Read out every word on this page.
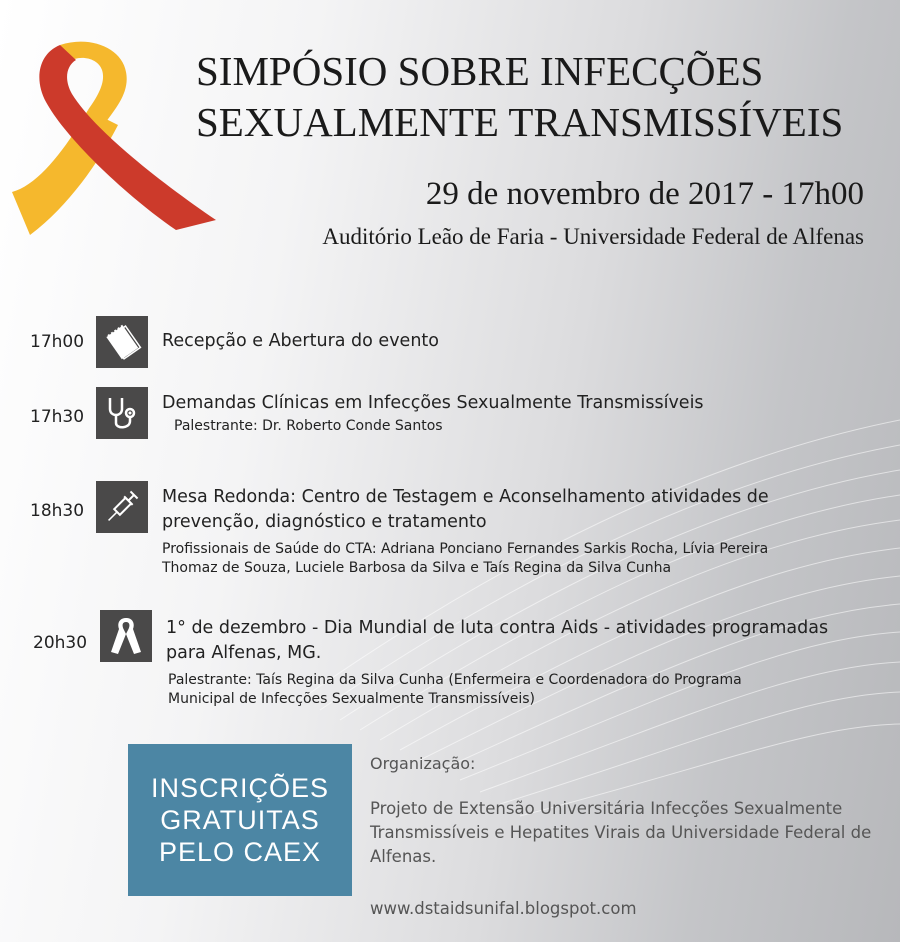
SIMPÓSIO SOBRE INFECÇÕES
SEXUALMENTE TRANSMISSÍVEIS
29 de novembro de 2017 - 17h00
Auditório Leão de Faria - Universidade Federal de Alfenas
17h00	Recepção e Abertura do evento
17h30
Demandas Clínicas em Infecções Sexualmente Transmissíveis
Palestrante: Dr. Roberto Conde Santos
18h30
Mesa Redonda: Centro de Testagem e Aconselhamento atividades de prevenção, diagnóstico e tratamento
Profissionais de Saúde do CTA: Adriana Ponciano Fernandes Sarkis Rocha, Lívia Pereira Thomaz de Souza, Luciele Barbosa da Silva e Taís Regina da Silva Cunha
20h30
1° de dezembro - Dia Mundial de luta contra Aids - atividades programadas para Alfenas, MG.
Palestrante: Taís Regina da Silva Cunha (Enfermeira e Coordenadora do Programa Municipal de Infecções Sexualmente Transmissíveis)
INSCRIÇÕES
GRATUITAS
PELO CAEX
Organização:
Projeto de Extensão Universitária Infecções Sexualmente Transmissíveis e Hepatites Virais da Universidade Federal de Alfenas.
www.dstaidsunifal.blogspot.com
